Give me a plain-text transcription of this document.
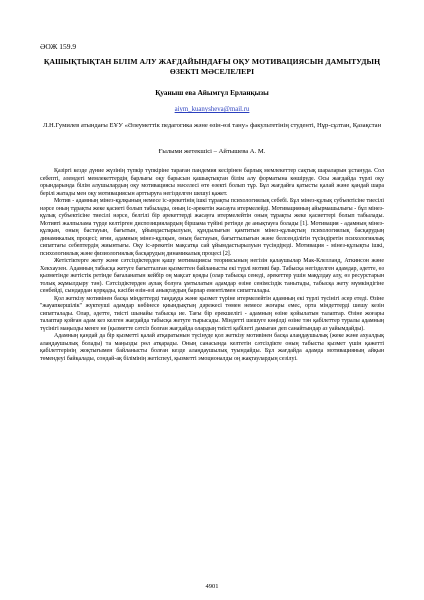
ӘОЖ 159.9
ҚАШЫҚТЫҚТАН БІЛІМ АЛУ ЖАҒДАЙЫНДАҒЫ ОҚУ МОТИВАЦИЯСЫН ДАМЫТУДЫҢ ӨЗЕКТІ МӘСЕЛЕЛЕРІ
Қуаныш ева Айымгүл Ерланқызы
aiym_kuanysheva@mail.ru
Л.Н.Гумилев атындағы ЕҰУ «Әлеуметтік педагогика және өзін-өзі тану» факультетінің студенті, Нұр-сұлтан, Қазақстан
Ғылыми жетекшісі – Айтышева А. М.

Қазіргі кезде дүние жүзінің түпкір түпкіріне тараған пандемия кесірінен барлық мемлекеттер сақтық шараларын ұстануда. Сол себепті, әлемдегі мемлекеттердің барлығы оқу барысын қашықтықтан білім алу форматына көшіруде. Осы жағдайда түрлі оқу орындарында білім алушылардың оқу мотивациясы мәселесі өте өзекті болып тұр. Бұл жағдайға қатысты қалай және қандай шара берілі жатады мен оқу мотивациясын арттыруға негізделген шешуі қажет.

Мотив - адамның мінез-құлқының немесе іс-әрекетінің ішкі тұрақты психологиялық себебі. Бұл мінез-құлық субъектісіне тиесілі нәрсе оның тұрақты жеке қасиеті болып табылады, оның іс-әрекетін жасауға итермелейді. Мотивацияның айырмашылығы - бұл мінез-құлық субъектісіне тиесілі нәрсе, белгілі бір әрекеттерді жасауға итермелейтін оның тұрақты жеке қасиеттері болып табылады. Мотивті жалпылама түрде келтірген диспозициялардың біршама түйіні ретінде де анықтауға болады [1]. Мотивация - адамның мінез-құлқын, оның бастауын, бағытын, ұйымдастырылуын, құндылығын қамтитын мінез-құлықтың психологиялық басқарудың динамикалық процесі; яғни, адамның мінез-құлқын, оның бастауын, бағыттылығын және белсенділігін түсіндіретін психологиялық сипаттағы себептердің жиынтығы. Оқу іс-әрекетін мақсатқа сай ұйымдастырылуын түсіндіреді. Мотивация - мінез-құлықты ішкі, психологиялық және физиологиялық басқарудың динамикалық процесі [2].

Жетістіктерге жету және сәтсіздіктерден қашу мотивациясы теориясының негізін қалаушылар Мак-Клелланд, Аткинсон және Хекхаузен. Адамның табысқа жетуге бағытталған қызметтен байланысты екі түрлі мотиві бар. Табысқа негізделген адамдар, әдетте, өз қызметінде жетістік ретінде бағаланатын кейбір оң мақсат қояды (олар табысқа сенеді, әрекеттер үшін мақұлдау алу, өз ресурстарын толық жұмылдыру тән). Сәтсіздіктерден аулақ болуға ұмтылатын адамдар өзіне сенімсіздік танытады, табысқа жету мүмкіндігіне сенбейді, сындардан қорқады, кәсіби өзін-өзі анықтаудың барлар ементілмен сипатталады.

Қол жеткізу мотивінен басқа міндеттерді таңдауда және қызмет түріне итермелейтін адамның екі түрлі түсінігі әсер етеді. Өзіне "жауапкершілік" жүктеуші адамдар көбінесе қиындықтың дәрежесі төмен немесе жоғары емес, орта міндеттерді шешу кезін сипатталады. Олар, әдетте, тиісті шынайы табысқа ие. Тағы бір ерекшелігі - адамның өзіне қойылатын талаптар. Өзіне жоғары талаптар қойған адам кез келген жағдайда табысқа жетуге тырысады. Міндетті шешуге көңілді өзіне тән қабілеттер туралы адамның түсінігі маңызды менге не (қызметте сәтсіз болған жағдайда олардың тиісті қабілеті дамыған деп санайтындар аз уайымдайды).

Адамның қандай да бір қызметті қалай атқаратынын түсінуде қол жеткізу мотивінен басқа алаңдаушылық (жеке және ахуалдық алаңдаушылық болады) та маңызды рөл атқарады. Оның санасында келтетін сәтсіздікте оның табысты қызмет үшін қажетті қабілеттерінің жоқтығымен байланысты болған кезде алаңдаушылық туындайды. Бұл жағдайда адамда мотивацияның айқын төмендеуі байқалады, сондай-ақ білімінің жетіспеуі, қызметті эмоционалды оң жақтаулардың сезілуі.

4901
